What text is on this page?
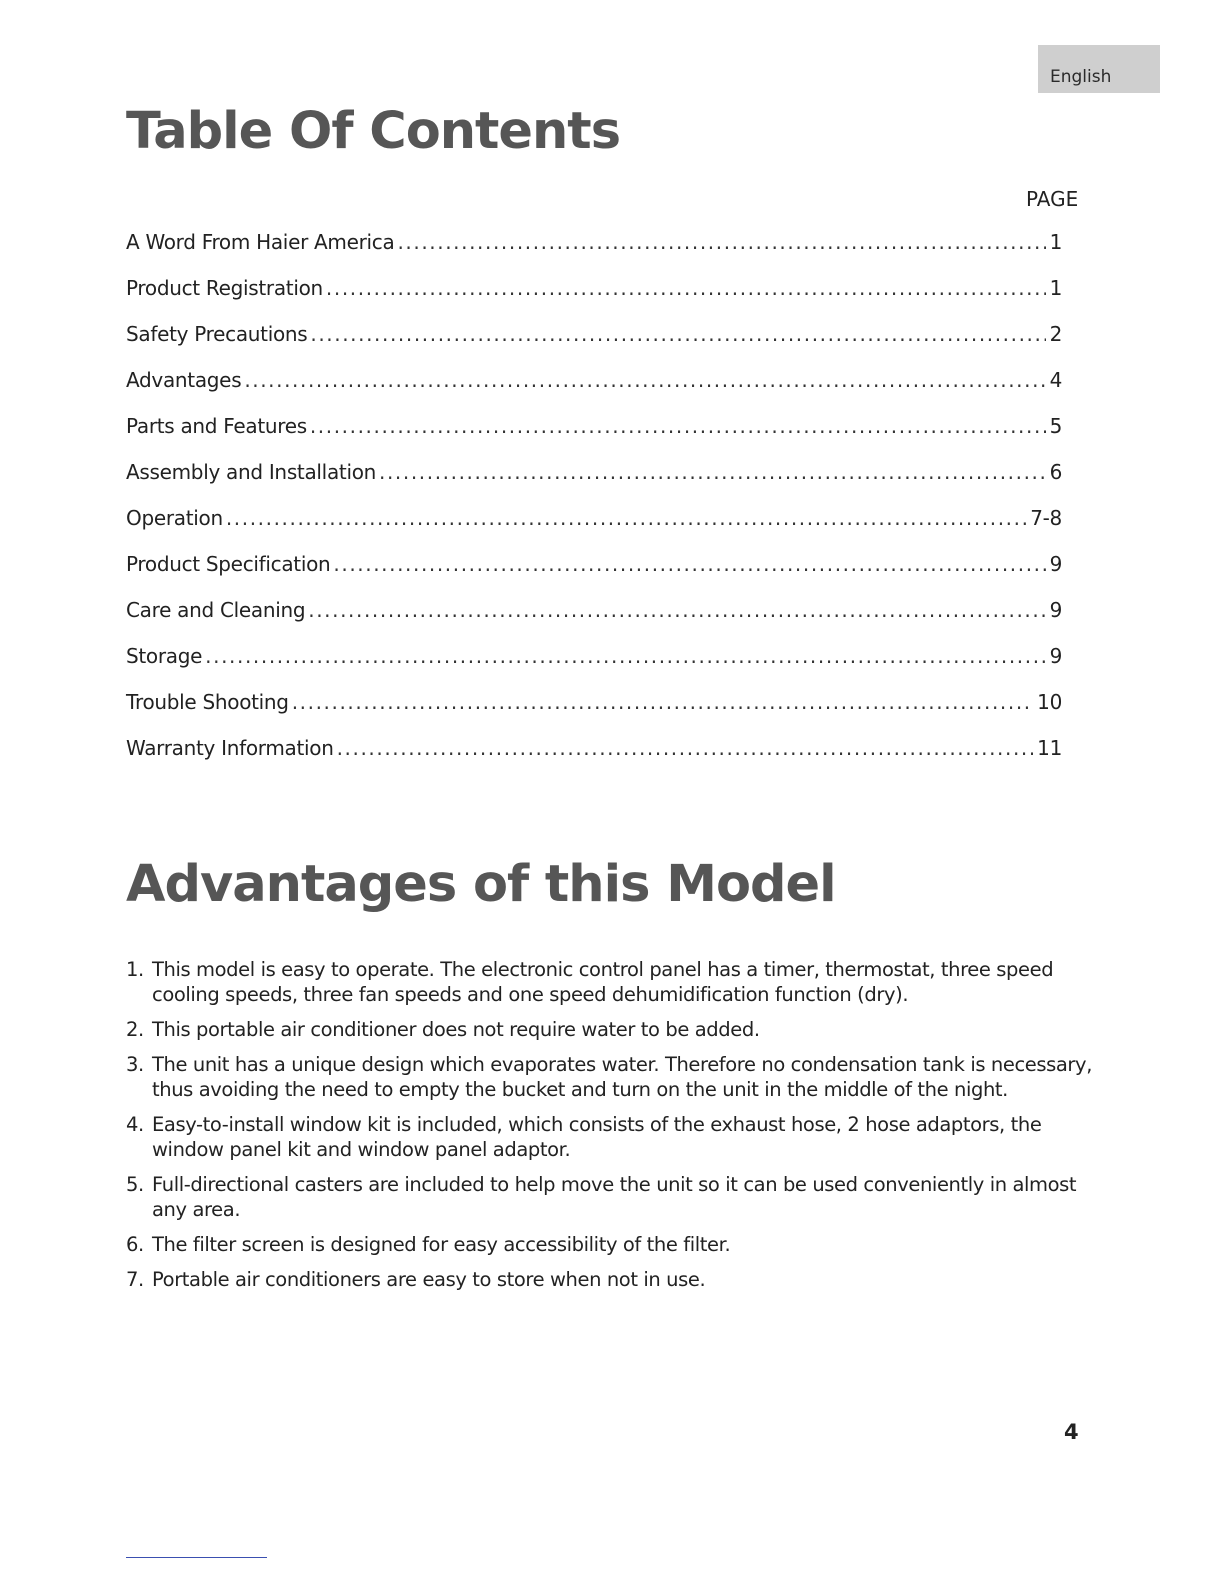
English
Table Of Contents
PAGE
A Word From Haier America .....	1
Product Registration .....	1
Safety Precautions .....	2
Advantages .....	4
Parts and Features .....	5
Assembly and Installation .....	6
Operation .....	7-8
Product Specification .....	9
Care and Cleaning .....	9
Storage .....	9
Trouble Shooting .....	10
Warranty Information .....	11
Advantages of this Model
1. This model is easy to operate. The electronic control panel has a timer, thermostat, three speed cooling speeds, three fan speeds and one speed dehumidification function (dry).
2. This portable air conditioner does not require water to be added.
3. The unit has a unique design which evaporates water. Therefore no condensation tank is necessary, thus avoiding the need to empty the bucket and turn on the unit in the middle of the night.
4. Easy-to-install window kit is included, which consists of the exhaust hose, 2 hose adaptors, the window panel kit and window panel adaptor.
5. Full-directional casters are included to help move the unit so it can be used conveniently in almost any area.
6. The filter screen is designed for easy accessibility of the filter.
7. Portable air conditioners are easy to store when not in use.
4
